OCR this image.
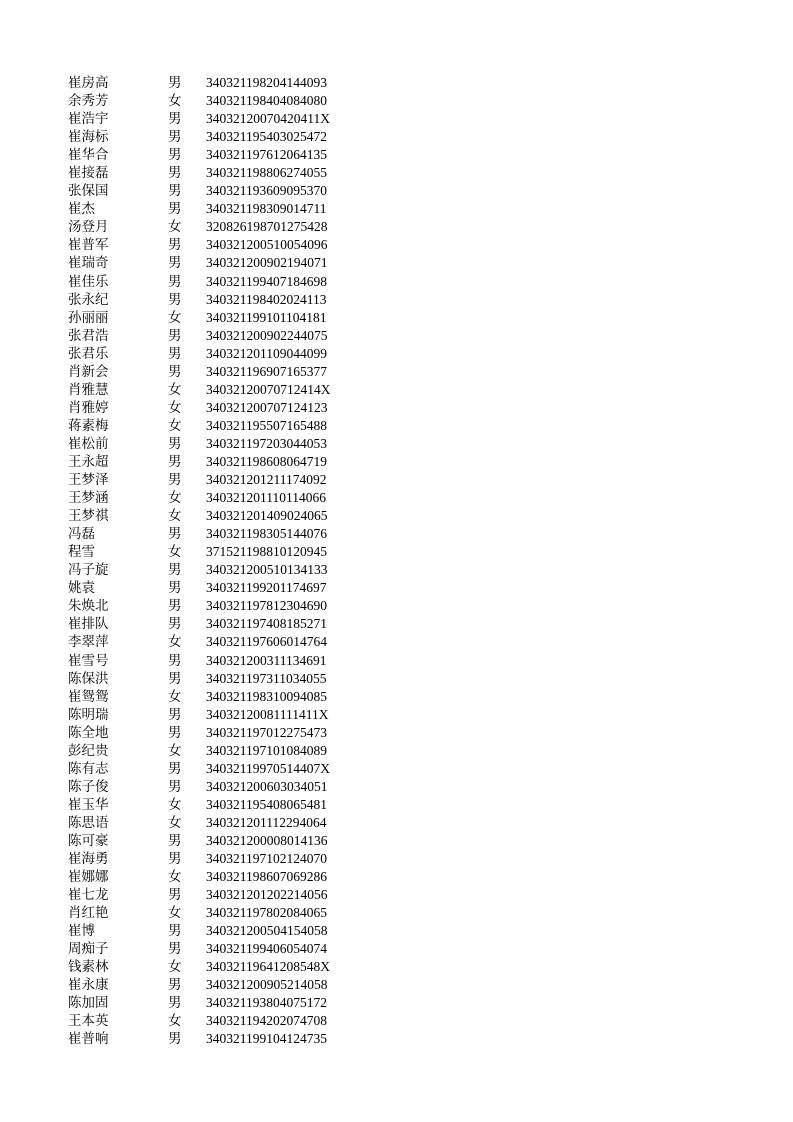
崔房高	男 340321198204144093
余秀芳	女 340321198404084080
崔浩宇	男 34032120070420411X
崔海标	男 340321195403025472
崔华合	男 340321197612064135
崔接磊	男 340321198806274055
张保国	男 340321193609095370
崔杰	男 340321198309014711
汤登月	女 320826198701275428
崔普军	男 340321200510054096
崔瑞奇	男 340321200902194071
崔佳乐	男 340321199407184698
张永纪	男 340321198402024113
孙丽丽	女 340321199101104181
张君浩	男 340321200902244075
张君乐	男 340321201109044099
肖新会	男 340321196907165377
肖雅慧	女 34032120070712414X
肖雅婷	女 340321200707124123
蒋素梅	女 340321195507165488
崔松前	男 340321197203044053
王永超	男 340321198608064719
王梦泽	男 340321201211174092
王梦涵	女 340321201110114066
王梦祺	女 340321201409024065
冯磊	男 340321198305144076
程雪	女 371521198810120945
冯子旋	男 340321200510134133
姚袁	男 340321199201174697
朱焕北	男 340321197812304690
崔排队	男 340321197408185271
李翠萍	女 340321197606014764
崔雪号	男 340321200311134691
陈保洪	男 340321197311034055
崔鸳鸳	女 340321198310094085
陈明瑞	男 34032120081111411X
陈全地	男 340321197012275473
彭纪贵	女 340321197101084089
陈有志	男 34032119970514407X
陈子俊	男 340321200603034051
崔玉华	女 340321195408065481
陈思语	女 340321201112294064
陈可豪	男 340321200008014136
崔海勇	男 340321197102124070
崔娜娜	女 340321198607069286
崔七龙	男 340321201202214056
肖红艳	女 340321197802084065
崔博	男 340321200504154058
周痴子	男 340321199406054074
钱素林	女 34032119641208548X
崔永康	男 340321200905214058
陈加固	男 340321193804075172
王本英	女 340321194202074708
崔普响	男 340321199104124735
